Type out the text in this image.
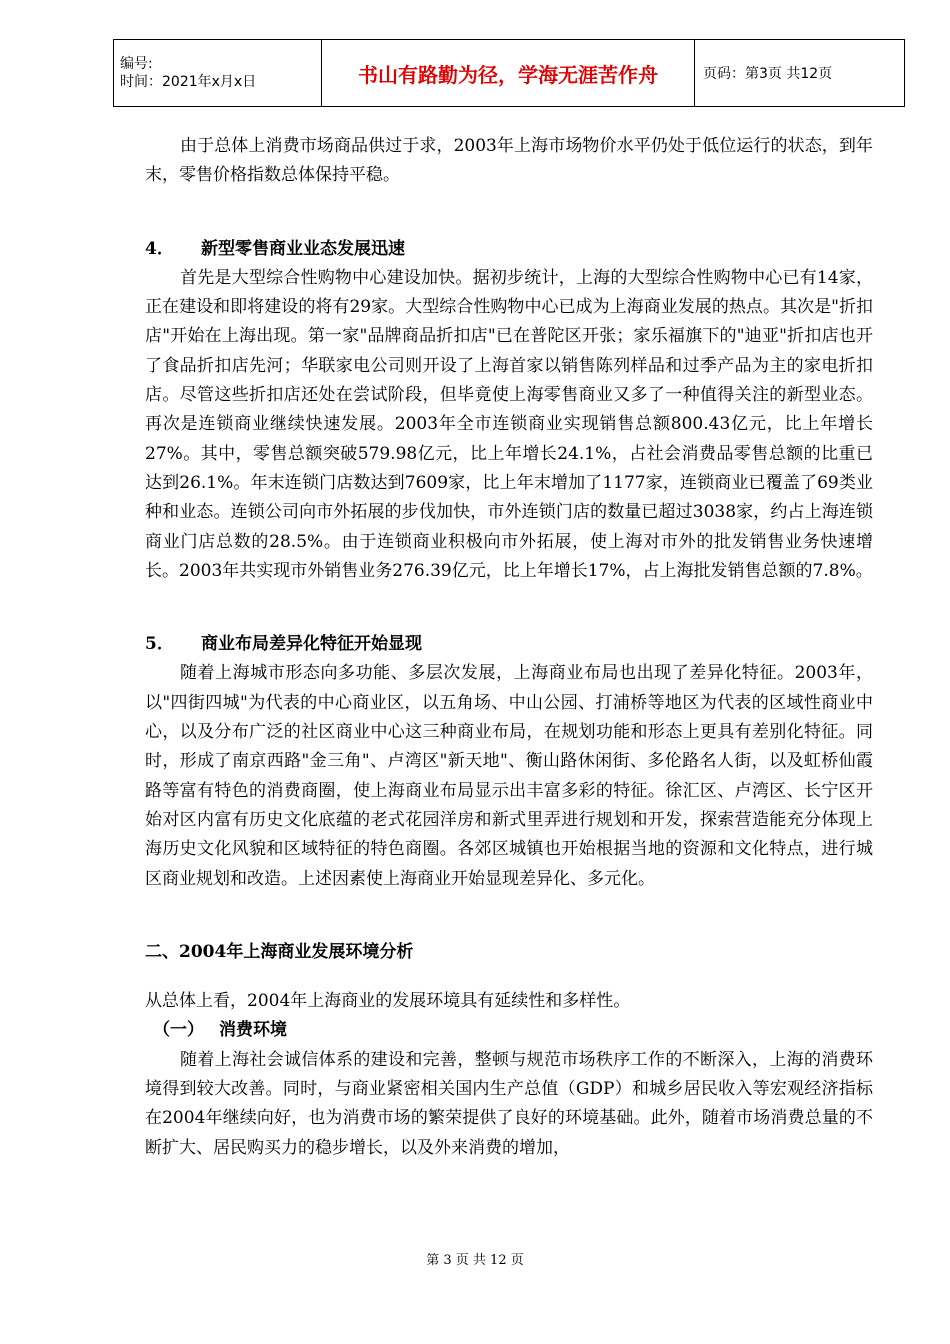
编号:
时间：2021年x月x日	书山有路勤为径，学海无涯苦作舟	页码：第3页 共12页

由于总体上消费市场商品供过于求，2003年上海市场物价水平仍处于低位运行的状态，到年末，零售价格指数总体保持平稳。

4． 新型零售商业业态发展迅速

首先是大型综合性购物中心建设加快。据初步统计，上海的大型综合性购物中心已有14家，正在建设和即将建设的将有29家。大型综合性购物中心已成为上海商业发展的热点。其次是"折扣店"开始在上海出现。第一家"品牌商品折扣店"已在普陀区开张；家乐福旗下的"迪亚"折扣店也开了食品折扣店先河；华联家电公司则开设了上海首家以销售陈列样品和过季产品为主的家电折扣店。尽管这些折扣店还处在尝试阶段，但毕竟使上海零售商业又多了一种值得关注的新型业态。再次是连锁商业继续快速发展。2003年全市连锁商业实现销售总额800.43亿元，比上年增长27%。其中，零售总额突破579.98亿元，比上年增长24.1%，占社会消费品零售总额的比重已达到26.1%。年末连锁门店数达到7609家，比上年末增加了1177家，连锁商业已覆盖了69类业种和业态。连锁公司向市外拓展的步伐加快，市外连锁门店的数量已超过3038家，约占上海连锁商业门店总数的28.5%。由于连锁商业积极向市外拓展，使上海对市外的批发销售业务快速增长。2003年共实现市外销售业务276.39亿元，比上年增长17%，占上海批发销售总额的7.8%。

5． 商业布局差异化特征开始显现

随着上海城市形态向多功能、多层次发展，上海商业布局也出现了差异化特征。2003年，以"四街四城"为代表的中心商业区，以五角场、中山公园、打浦桥等地区为代表的区域性商业中心，以及分布广泛的社区商业中心这三种商业布局，在规划功能和形态上更具有差别化特征。同时，形成了南京西路"金三角"、卢湾区"新天地"、衡山路休闲街、多伦路名人街，以及虹桥仙霞路等富有特色的消费商圈，使上海商业布局显示出丰富多彩的特征。徐汇区、卢湾区、长宁区开始对区内富有历史文化底蕴的老式花园洋房和新式里弄进行规划和开发，探索营造能充分体现上海历史文化风貌和区域特征的特色商圈。各郊区城镇也开始根据当地的资源和文化特点，进行城区商业规划和改造。上述因素使上海商业开始显现差异化、多元化。

二、2004年上海商业发展环境分析

从总体上看，2004年上海商业的发展环境具有延续性和多样性。

（一） 消费环境

随着上海社会诚信体系的建设和完善，整顿与规范市场秩序工作的不断深入，上海的消费环境得到较大改善。同时，与商业紧密相关国内生产总值（GDP）和城乡居民收入等宏观经济指标在2004年继续向好，也为消费市场的繁荣提供了良好的环境基础。此外，随着市场消费总量的不断扩大、居民购买力的稳步增长，以及外来消费的增加，

第 3 页 共 12 页
